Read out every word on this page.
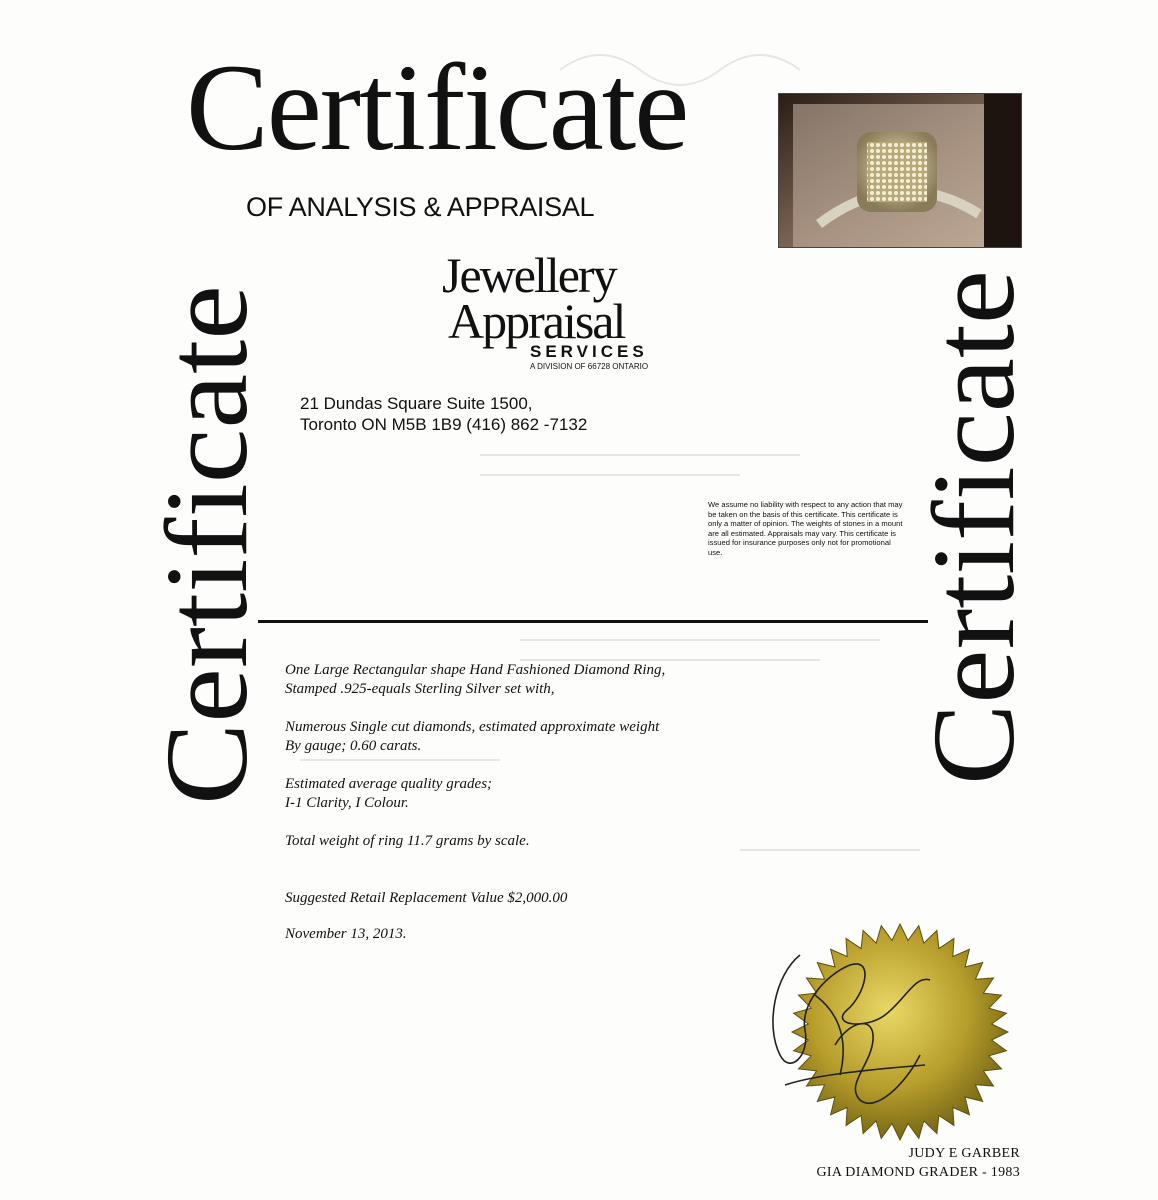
Certificate
OF ANALYSIS & APPRAISAL
Jewellery
Appraisal
SERVICES
A DIVISION OF 66728 ONTARIO
21 Dundas Square Suite 1500,
Toronto ON M5B 1B9 (416) 862 -7132
We assume no liability with respect to any action that may be taken on the basis of this certificate. This certificate is only a matter of opinion. The weights of stones in a mount are all estimated. Appraisals may vary. This certificate is issued for insurance purposes only not for promotional use.
Certificate	Certificate

One Large Rectangular shape Hand Fashioned Diamond Ring,
Stamped .925-equals Sterling Silver set with,

Numerous Single cut diamonds, estimated approximate weight
By gauge; 0.60 carats.

Estimated average quality grades;
I-1 Clarity, I Colour.

Total weight of ring 11.7 grams by scale.

Suggested Retail Replacement Value $2,000.00

November 13, 2013.

JUDY E GARBER
GIA DIAMOND GRADER - 1983
